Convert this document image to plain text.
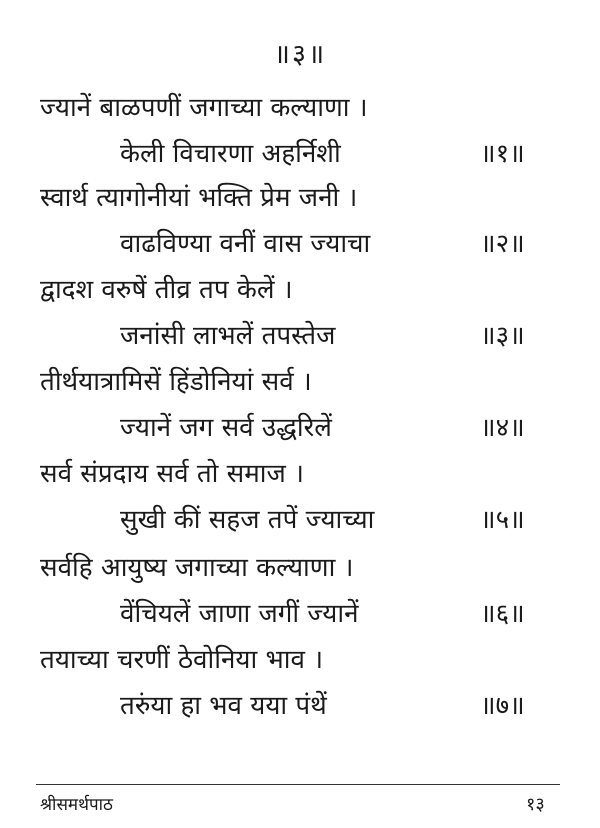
॥३॥
ज्यानें बाळपणीं जगाच्या कल्याणा ।
केली विचारणा अहर्निशी	॥१॥
स्वार्थ त्यागोनीयां भक्ति प्रेम जनी ।
वाढविण्या वनीं वास ज्याचा	॥२॥
द्वादश वरुषें तीव्र तप केलें ।
जनांसी लाभलें तपस्तेज	॥३॥
तीर्थयात्रामिसें हिंडोनियां सर्व ।
ज्यानें जग सर्व उद्धरिलें	॥४॥
सर्व संप्रदाय सर्व तो समाज ।
सुखी कीं सहज तपें ज्याच्या	॥५॥
सर्वहि आयुष्य जगाच्या कल्याणा ।
वेंचियलें जाणा जगीं ज्यानें	॥६॥
तयाच्या चरणीं ठेवोनिया भाव ।
तरुंया हा भव यया पंथें	॥७॥
श्रीसमर्थपाठ	१३
